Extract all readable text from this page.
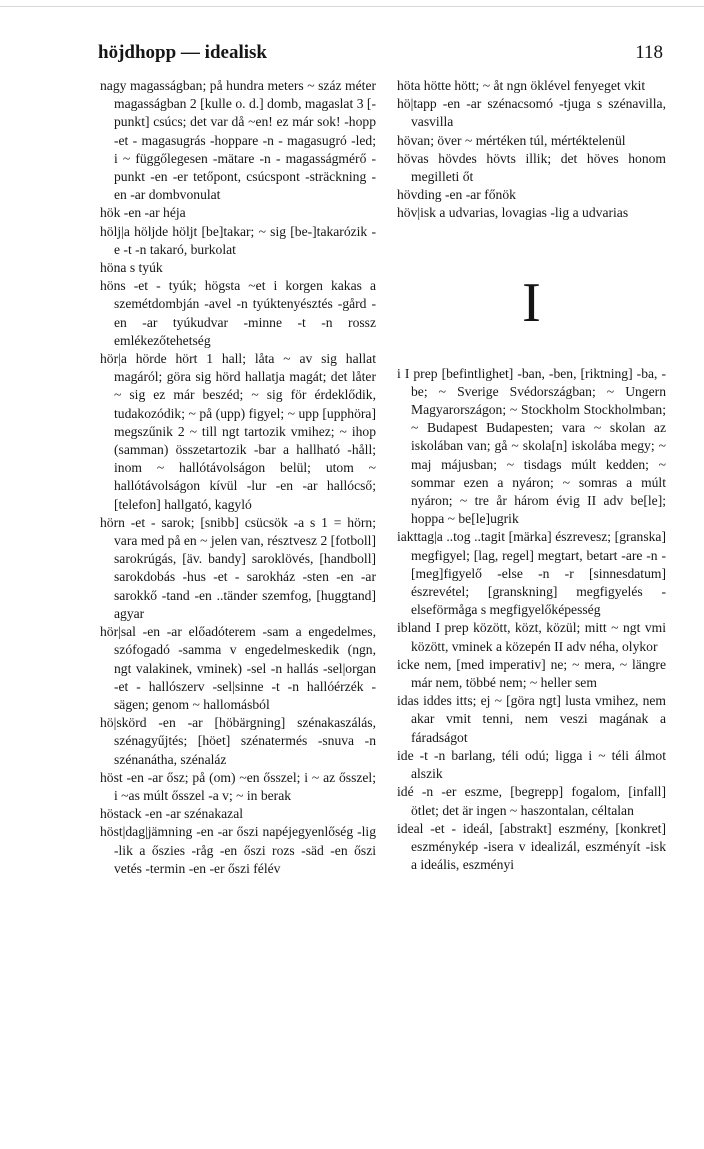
höjdhopp — idealisk	118

nagy magasságban; på hundra meters ~ száz méter magasságban 2 [kulle o. d.] domb, magaslat 3 [-punkt] csúcs; det var då ~en! ez már sok! -hopp -et - magasugrás -hoppare -n - magasugró -led; i ~ függőlegesen -mätare -n - magasságmérő -punkt -en -er tetőpont, csúcspont -sträckning -en -ar dombvonulat

hök -en -ar héja

hölj|a höljde höljt [be]takar; ~ sig [be-]takarózik -e -t -n takaró, burkolat

höna s tyúk

höns -et - tyúk; högsta ~et i korgen kakas a szemétdombján -avel -n tyúktenyésztés -gård -en -ar tyúkudvar -minne -t -n rossz emlékezőtehetség

hör|a hörde hört 1 hall; låta ~ av sig hallat magáról; göra sig hörd hallatja magát; det låter ~ sig ez már beszéd; ~ sig för érdeklődik, tudakozódik; ~ på (upp) figyel; ~ upp [upphöra] megszűnik 2 ~ till ngt tartozik vmihez; ~ ihop (samman) összetartozik -bar a hallható -håll; inom ~ hallótávolságon belül; utom ~ hallótávolságon kívül -lur -en -ar hallócső; [telefon] hallgató, kagyló

hörn -et - sarok; [snibb] csücsök -a s 1 = hörn; vara med på en ~ jelen van, résztvesz 2 [fotboll] sarokrúgás, [äv. bandy] saroklövés, [handboll] sarokdobás -hus -et - sarokház -sten -en -ar sarokkő -tand -en ..tänder szemfog, [huggtand] agyar

hör|sal -en -ar előadóterem -sam a engedelmes, szófogadó -samma v engedelmeskedik (ngn, ngt valakinek, vminek) -sel -n hallás -sel|organ -et - hallószerv -sel|sinne -t -n hallóérzék -sägen; genom ~ hallomásból

hö|skörd -en -ar [höbärgning] szénakaszálás, szénagyűjtés; [höet] szénatermés -snuva -n szénanátha, szénaláz

höst -en -ar ősz; på (om) ~en ősszel; i ~ az ősszel; i ~as múlt ősszel -a v; ~ in berak

höstack -en -ar szénakazal

höst|dag|jämning -en -ar őszi napéjegyenlőség -lig -lik a őszies -råg -en őszi rozs -säd -en őszi vetés -termin -en -er őszi félév

höta hötte hött; ~ åt ngn öklével fenyeget vkit

hö|tapp -en -ar szénacsomó -tjuga s szénavilla, vasvilla

hövan; över ~ mértéken túl, mértéktelenül

hövas hövdes hövts illik; det höves honom megilleti őt

hövding -en -ar főnök

höv|isk a udvarias, lovagias -lig a udvarias

I

i I prep [befintlighet] -ban, -ben, [riktning] -ba, -be; ~ Sverige Svédországban; ~ Ungern Magyarországon; ~ Stockholm Stockholmban; ~ Budapest Budapesten; vara ~ skolan az iskolában van; gå ~ skola[n] iskolába megy; ~ maj májusban; ~ tisdags múlt kedden; ~ sommar ezen a nyáron; ~ somras a múlt nyáron; ~ tre år három évig II adv be[le]; hoppa ~ be[le]ugrik

iakttag|a ..tog ..tagit [märka] észrevesz; [granska] megfigyel; [lag, regel] megtart, betart -are -n - [meg]figyelő -else -n -r [sinnesdatum] észrevétel; [granskning] megfigyelés -elseförmåga s megfigyelőképesség

ibland I prep között, közt, közül; mitt ~ ngt vmi között, vminek a közepén II adv néha, olykor

icke nem, [med imperativ] ne; ~ mera, ~ längre már nem, többé nem; ~ heller sem

idas iddes itts; ej ~ [göra ngt] lusta vmihez, nem akar vmit tenni, nem veszi magának a fáradságot

ide -t -n barlang, téli odú; ligga i ~ téli álmot alszik

idé -n -er eszme, [begrepp] fogalom, [infall] ötlet; det är ingen ~ haszontalan, céltalan

ideal -et - ideál, [abstrakt] eszmény, [konkret] eszménykép -isera v idealizál, eszményít -isk a ideális, eszményi
